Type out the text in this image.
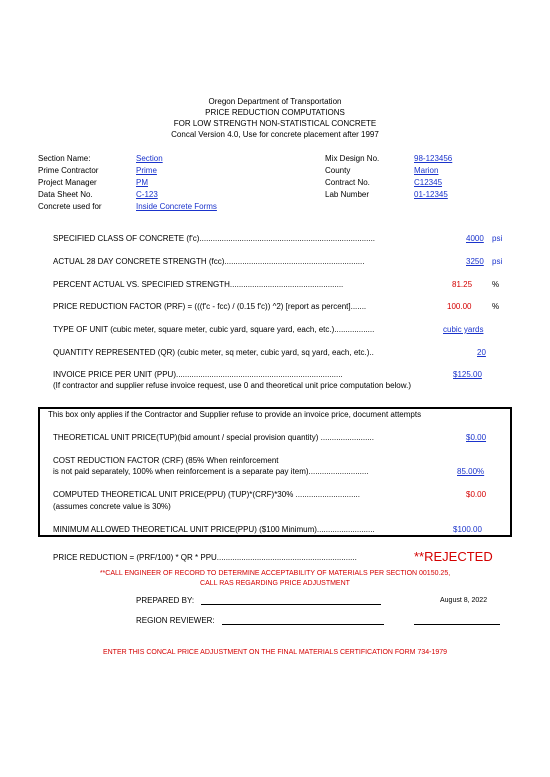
Oregon Department of Transportation
PRICE REDUCTION COMPUTATIONS
FOR LOW STRENGTH NON-STATISTICAL CONCRETE
Concal Version 4.0, Use for concrete placement after 1997
Section Name:	Section
Prime Contractor	Prime
Project Manager	PM
Data Sheet No.	C-123
Concrete used for	Inside Concrete Forms
Mix Design No.	98-123456
County	Marion
Contract No.	C12345
Lab Number	01-12345
SPECIFIED CLASS OF CONCRETE (f'c)...............................................................................	4000 psi
ACTUAL 28 DAY CONCRETE STRENGTH (fcc)...............................................................	3250 psi
PERCENT ACTUAL VS. SPECIFIED STRENGTH...................................................	81.25 %
PRICE REDUCTION FACTOR (PRF) = (((f'c - fcc) / (0.15 f'c)) ^2) [report as percent].......	100.00	%
TYPE OF UNIT (cubic meter, square meter, cubic yard, square yard, each, etc.)..................	cubic yards
QUANTITY REPRESENTED (QR) (cubic meter, sq meter, cubic yard, sq yard, each, etc.)..	20
INVOICE PRICE PER UNIT (PPU)...........................................................................	$125.00
(If contractor and supplier refuse invoice request, use 0 and theoretical unit price computation below.)
This box only applies if the Contractor and Supplier refuse to provide an invoice price, document attempts
THEORETICAL UNIT PRICE(TUP)(bid amount / special provision quantity) ........................	$0.00
COST REDUCTION FACTOR (CRF) (85% When reinforcement
is not paid separately, 100% when reinforcement is a separate pay item)...........................	85.00%
COMPUTED THEORETICAL UNIT PRICE(PPU) (TUP)*(CRF)*30% .............................	$0.00
(assumes concrete value is 30%)
MINIMUM ALLOWED THEORETICAL UNIT PRICE(PPU) ($100 Minimum)..........................	$100.00
PRICE REDUCTION = (PRF/100) * QR * PPU...............................................................	**REJECTED
**CALL ENGINEER OF RECORD TO DETERMINE ACCEPTABILITY OF MATERIALS PER SECTION 00150.25,
CALL RAS REGARDING PRICE ADJUSTMENT
PREPARED BY:	August 8, 2022
REGION REVIEWER:
ENTER THIS CONCAL PRICE ADJUSTMENT ON THE FINAL MATERIALS CERTIFICATION FORM 734-1979
